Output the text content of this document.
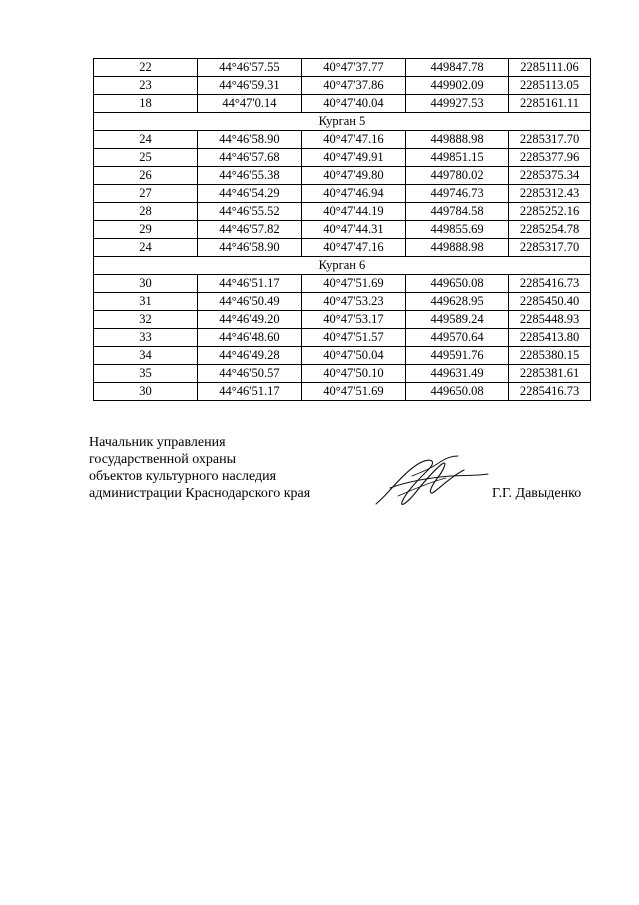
22	44°46'57.55	40°47'37.77	449847.78	2285111.06
23	44°46'59.31	40°47'37.86	449902.09	2285113.05
18	44°47'0.14	40°47'40.04	449927.53	2285161.11
Курган 5				
24	44°46'58.90	40°47'47.16	449888.98	2285317.70
25	44°46'57.68	40°47'49.91	449851.15	2285377.96
26	44°46'55.38	40°47'49.80	449780.02	2285375.34
27	44°46'54.29	40°47'46.94	449746.73	2285312.43
28	44°46'55.52	40°47'44.19	449784.58	2285252.16
29	44°46'57.82	40°47'44.31	449855.69	2285254.78
24	44°46'58.90	40°47'47.16	449888.98	2285317.70
Курган 6				
30	44°46'51.17	40°47'51.69	449650.08	2285416.73
31	44°46'50.49	40°47'53.23	449628.95	2285450.40
32	44°46'49.20	40°47'53.17	449589.24	2285448.93
33	44°46'48.60	40°47'51.57	449570.64	2285413.80
34	44°46'49.28	40°47'50.04	449591.76	2285380.15
35	44°46'50.57	40°47'50.10	449631.49	2285381.61
30	44°46'51.17	40°47'51.69	449650.08	2285416.73
Начальник управления
государственной охраны
объектов культурного наследия
администрации Краснодарского края	Г.Г. Давыденко
